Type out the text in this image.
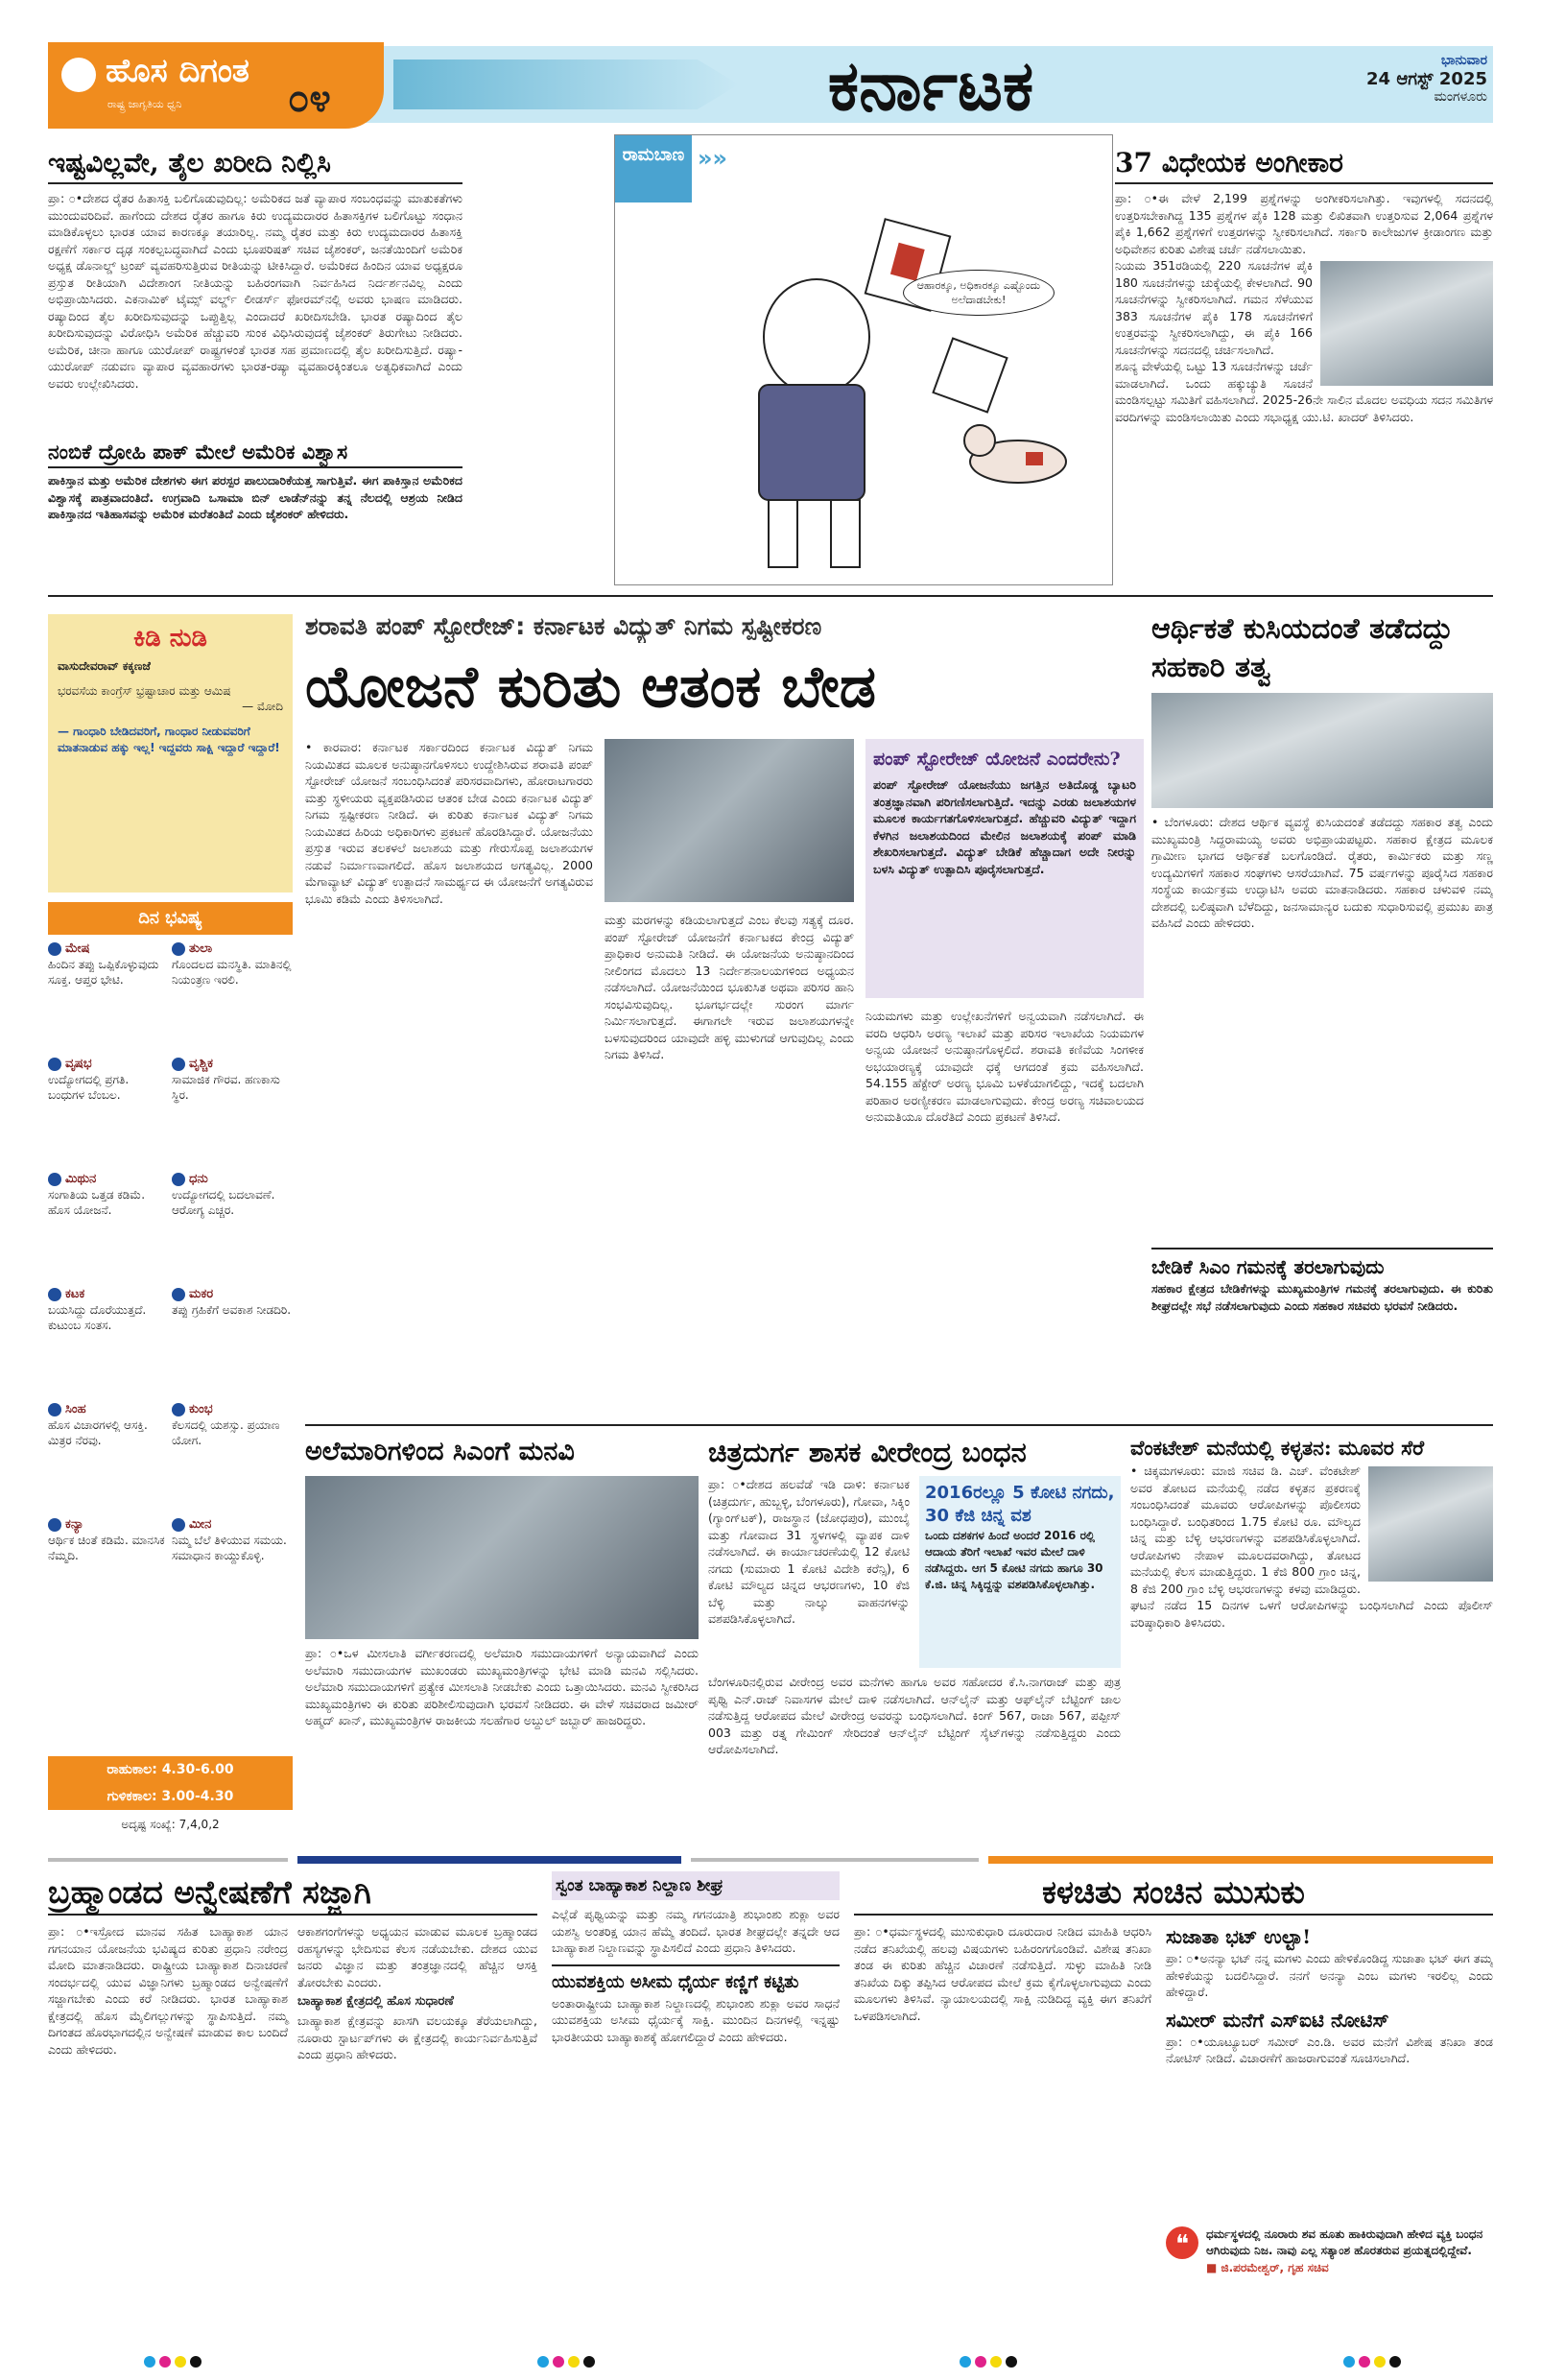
ಹೊಸ ದಿಗಂತ
ರಾಷ್ಟ್ರ ಜಾಗೃತಿಯ ಧ್ವನಿ	೦೪	ಕರ್ನಾಟಕ	ಭಾನುವಾರ
24 ಆಗಸ್ಟ್ 2025
ಮಂಗಳೂರು
ಇಷ್ಟವಿಲ್ಲವೇ, ತೈಲ ಖರೀದಿ ನಿಲ್ಲಿಸಿ
ಪ್ರಾ: ೦•ದೇಶದ ರೈತರ ಹಿತಾಸಕ್ತಿ ಬಲಿಗೊಡುವುದಿಲ್ಲ: ಅಮೆರಿಕದ ಜತೆ ವ್ಯಾಪಾರ ಸಂಬಂಧವನ್ನು ಮಾತುಕತೆಗಳು ಮುಂದುವರಿದಿವೆ. ಹಾಗೆಂದು ದೇಶದ ರೈತರ ಹಾಗೂ ಕಿರು ಉದ್ಯಮದಾರರ ಹಿತಾಸಕ್ತಿಗಳ ಬಲಿಗೊಟ್ಟು ಸಂಧಾನ ಮಾಡಿಕೊಳ್ಳಲು ಭಾರತ ಯಾವ ಕಾರಣಕ್ಕೂ ತಯಾರಿಲ್ಲ. ನಮ್ಮ ರೈತರ ಮತ್ತು ಕಿರು ಉದ್ಯಮದಾರರ ಹಿತಾಸಕ್ತಿ ರಕ್ಷಣೆಗೆ ಸರ್ಕಾರ ದೃಢ ಸಂಕಲ್ಪಬದ್ಧವಾಗಿದೆ ಎಂದು ಭೂಪರಿಷತ್ ಸಚಿವ ಜೈಶಂಕರ್, ಜನತೆಯಿಂದಿಗೆ ಅಮೆರಿಕ ಅಧ್ಯಕ್ಷ ಡೊನಾಲ್ಡ್ ಟ್ರಂಪ್ ವ್ಯವಹರಿಸುತ್ತಿರುವ ರೀತಿಯನ್ನು ಟೀಕಿಸಿದ್ದಾರೆ. ಅಮೆರಿಕದ ಹಿಂದಿನ ಯಾವ ಅಧ್ಯಕ್ಷರೂ ಪ್ರಸ್ತುತ ರೀತಿಯಾಗಿ ವಿದೇಶಾಂಗ ನೀತಿಯನ್ನು ಬಹಿರಂಗವಾಗಿ ನಿರ್ವಹಿಸಿದ ನಿರ್ದರ್ಶನವಿಲ್ಲ ಎಂದು ಅಭಿಪ್ರಾಯಿಸಿದರು. ಎಕನಾಮಿಕ್ ಟೈಮ್ಸ್ ವರ್ಲ್ಡ್ ಲೀಡರ್ಸ್ ಫೋರಮ್‌ನಲ್ಲಿ ಅವರು ಭಾಷಣ ಮಾಡಿದರು. ರಷ್ಯಾದಿಂದ ತೈಲ ಖರೀದಿಸುವುದನ್ನು ಒಪ್ಪುತ್ತಿಲ್ಲ ಎಂದಾದರೆ ಖರೀದಿಸಬೇಡಿ. ಭಾರತ ರಷ್ಯಾದಿಂದ ತೈಲ ಖರೀದಿಸುವುದನ್ನು ವಿರೋಧಿಸಿ ಅಮೆರಿಕ ಹೆಚ್ಚುವರಿ ಸುಂಕ ವಿಧಿಸಿರುವುದಕ್ಕೆ ಜೈಶಂಕರ್ ತಿರುಗೇಟು ನೀಡಿದರು. ಅಮೆರಿಕ, ಚೀನಾ ಹಾಗೂ ಯುರೋಪ್ ರಾಷ್ಟ್ರಗಳಂತೆ ಭಾರತ ಸಹ ಪ್ರಮಾಣದಲ್ಲಿ ತೈಲ ಖರೀದಿಸುತ್ತಿದೆ. ರಷ್ಯಾ-ಯುರೋಪ್ ನಡುವಣ ವ್ಯಾಪಾರ ವ್ಯವಹಾರಗಳು ಭಾರತ-ರಷ್ಯಾ ವ್ಯವಹಾರಕ್ಕಿಂತಲೂ ಅತ್ಯಧಿಕವಾಗಿದೆ ಎಂದು ಅವರು ಉಲ್ಲೇಖಿಸಿದರು.
ನಂಬಿಕೆ ದ್ರೋಹಿ ಪಾಕ್ ಮೇಲೆ ಅಮೆರಿಕ ವಿಶ್ವಾಸ
ಪಾಕಿಸ್ತಾನ ಮತ್ತು ಅಮೆರಿಕ ದೇಶಗಳು ಈಗ ಪರಸ್ಪರ ಪಾಲುದಾರಿಕೆಯತ್ತ ಸಾಗುತ್ತಿವೆ. ಈಗ ಪಾಕಿಸ್ತಾನ ಅಮೆರಿಕದ ವಿಶ್ವಾಸಕ್ಕೆ ಪಾತ್ರವಾದಂತಿದೆ. ಉಗ್ರವಾದಿ ಒಸಾಮಾ ಬಿನ್ ಲಾಡೆನ್‌ನನ್ನು ತನ್ನ ನೆಲದಲ್ಲಿ ಆಶ್ರಯ ನೀಡಿದ ಪಾಕಿಸ್ತಾನದ ಇತಿಹಾಸವನ್ನು ಅಮೆರಿಕ ಮರೆತಂತಿದೆ ಎಂದು ಜೈಶಂಕರ್ ಹೇಳಿದರು.
ರಾಮಬಾಣ »»
ಆಹಾರಕ್ಕೂ, ಅಧಿಕಾರಕ್ಕೂ ಎಷ್ಟೊಂದು ಅಲೆದಾಡಬೇಕು!
37 ವಿಧೇಯಕ ಅಂಗೀಕಾರ
ಪ್ರಾ: ೦•ಈ ವೇಳೆ 2,199 ಪ್ರಶ್ನೆಗಳನ್ನು ಅಂಗೀಕರಿಸಲಾಗಿತ್ತು. ಇವುಗಳಲ್ಲಿ ಸದನದಲ್ಲಿ ಉತ್ತರಿಸಬೇಕಾಗಿದ್ದ 135 ಪ್ರಶ್ನೆಗಳ ಪೈಕಿ 128 ಮತ್ತು ಲಿಖಿತವಾಗಿ ಉತ್ತರಿಸುವ 2,064 ಪ್ರಶ್ನೆಗಳ ಪೈಕಿ 1,662 ಪ್ರಶ್ನೆಗಳಿಗೆ ಉತ್ತರಗಳನ್ನು ಸ್ವೀಕರಿಸಲಾಗಿದೆ. ಸರ್ಕಾರಿ ಕಾಲೇಜುಗಳ ಕ್ರೀಡಾಂಗಣ ಮತ್ತು ಅಧಿವೇಶನ ಕುರಿತು ವಿಶೇಷ ಚರ್ಚೆ ನಡೆಸಲಾಯಿತು.
ನಿಯಮ 351ರಡಿಯಲ್ಲಿ 220 ಸೂಚನೆಗಳ ಪೈಕಿ 180 ಸೂಚನೆಗಳನ್ನು ಚುಕ್ಕೆಯಲ್ಲಿ ಕೇಳಲಾಗಿದೆ. 90 ಸೂಚನೆಗಳನ್ನು ಸ್ವೀಕರಿಸಲಾಗಿದೆ. ಗಮನ ಸೆಳೆಯುವ 383 ಸೂಚನೆಗಳ ಪೈಕಿ 178 ಸೂಚನೆಗಳಿಗೆ ಉತ್ತರವನ್ನು ಸ್ವೀಕರಿಸಲಾಗಿದ್ದು, ಈ ಪೈಕಿ 166 ಸೂಚನೆಗಳನ್ನು ಸದನದಲ್ಲಿ ಚರ್ಚಿಸಲಾಗಿದೆ.
ಶೂನ್ಯ ವೇಳೆಯಲ್ಲಿ ಒಟ್ಟು 13 ಸೂಚನೆಗಳನ್ನು ಚರ್ಚೆ ಮಾಡಲಾಗಿದೆ. ಒಂದು ಹಕ್ಕುಚ್ಯುತಿ ಸೂಚನೆ ಮಂಡಿಸಲ್ಪಟ್ಟು ಸಮಿತಿಗೆ ವಹಿಸಲಾಗಿದೆ. 2025-26ನೇ ಸಾಲಿನ ಮೊದಲ ಅವಧಿಯ ಸದನ ಸಮಿತಿಗಳ ವರದಿಗಳನ್ನು ಮಂಡಿಸಲಾಯಿತು ಎಂದು ಸಭಾಧ್ಯಕ್ಷ ಯು.ಟಿ. ಖಾದರ್ ತಿಳಿಸಿದರು.
ಕಿಡಿ ನುಡಿ
ವಾಸುದೇವರಾವ್ ಕಕ್ಕಣಜೆ
ಭರವಸೆಯ ಕಾಂಗ್ರೆಸ್ ಭ್ರಷ್ಟಾಚಾರ ಮತ್ತು ಆಮಿಷ
— ಮೋದಿ
— ಗಾಂಧಾರಿ ಬೇಡಿದವರಿಗೆ, ಗಾಂಧಾರ ನೀಡುವವರಿಗೆ ಮಾತನಾಡುವ ಹಕ್ಕು ಇಲ್ಲ! ಇದ್ದವರು ಸಾಕ್ಷಿ ಇದ್ದಾರೆ ಇದ್ದಾರೆ!
ದಿನ ಭವಿಷ್ಯ
ಮೇಷ
ಹಿಂದಿನ ತಪ್ಪು ಒಪ್ಪಿಕೊಳ್ಳುವುದು ಸೂಕ್ತ. ಆಪ್ತರ ಭೇಟಿ.
ತುಲಾ
ಗೊಂದಲದ ಮನಸ್ಥಿತಿ. ಮಾತಿನಲ್ಲಿ ನಿಯಂತ್ರಣ ಇರಲಿ.
ವೃಷಭ
ಉದ್ಯೋಗದಲ್ಲಿ ಪ್ರಗತಿ. ಬಂಧುಗಳ ಬೆಂಬಲ.
ವೃಶ್ಚಿಕ
ಸಾಮಾಜಿಕ ಗೌರವ. ಹಣಕಾಸು ಸ್ಥಿರ.
ಮಿಥುನ
ಸಂಗಾತಿಯ ಒತ್ತಡ ಕಡಿಮೆ. ಹೊಸ ಯೋಜನೆ.
ಧನು
ಉದ್ಯೋಗದಲ್ಲಿ ಬದಲಾವಣೆ. ಆರೋಗ್ಯ ಎಚ್ಚರ.
ಕಟಕ
ಬಯಸಿದ್ದು ದೊರೆಯುತ್ತದೆ. ಕುಟುಂಬ ಸಂತಸ.
ಮಕರ
ತಪ್ಪು ಗ್ರಹಿಕೆಗೆ ಅವಕಾಶ ನೀಡದಿರಿ.
ಸಿಂಹ
ಹೊಸ ವಿಚಾರಗಳಲ್ಲಿ ಆಸಕ್ತಿ. ಮಿತ್ರರ ನೆರವು.
ಕುಂಭ
ಕೆಲಸದಲ್ಲಿ ಯಶಸ್ಸು. ಪ್ರಯಾಣ ಯೋಗ.
ಕನ್ಯಾ
ಆರ್ಥಿಕ ಚಿಂತೆ ಕಡಿಮೆ. ಮಾನಸಿಕ ನೆಮ್ಮದಿ.
ಮೀನ
ನಿಮ್ಮ ಬೆಲೆ ತಿಳಿಯುವ ಸಮಯ. ಸಮಾಧಾನ ಕಾಯ್ದುಕೊಳ್ಳಿ.
ರಾಹುಕಾಲ: 4.30-6.00
ಗುಳಿಕಕಾಲ: 3.00-4.30
ಅದೃಷ್ಟ ಸಂಖ್ಯೆ: 7,4,0,2
ಶರಾವತಿ ಪಂಪ್ ಸ್ಟೋರೇಜ್: ಕರ್ನಾಟಕ ವಿದ್ಯುತ್ ನಿಗಮ ಸ್ಪಷ್ಟೀಕರಣ
ಯೋಜನೆ ಕುರಿತು ಆತಂಕ ಬೇಡ
• ಕಾರವಾರ: ಕರ್ನಾಟಕ ಸರ್ಕಾರದಿಂದ ಕರ್ನಾಟಕ ವಿದ್ಯುತ್ ನಿಗಮ ನಿಯಮಿತದ ಮೂಲಕ ಅನುಷ್ಠಾನಗೊಳಿಸಲು ಉದ್ದೇಶಿಸಿರುವ ಶರಾವತಿ ಪಂಪ್ ಸ್ಟೋರೇಜ್ ಯೋಜನೆ ಸಂಬಂಧಿಸಿದಂತೆ ಪರಿಸರವಾದಿಗಳು, ಹೋರಾಟಗಾರರು ಮತ್ತು ಸ್ಥಳೀಯರು ವ್ಯಕ್ತಪಡಿಸಿರುವ ಆತಂಕ ಬೇಡ ಎಂದು ಕರ್ನಾಟಕ ವಿದ್ಯುತ್ ನಿಗಮ ಸ್ಪಷ್ಟೀಕರಣ ನೀಡಿದೆ. ಈ ಕುರಿತು ಕರ್ನಾಟಕ ವಿದ್ಯುತ್ ನಿಗಮ ನಿಯಮಿತದ ಹಿರಿಯ ಅಧಿಕಾರಿಗಳು ಪ್ರಕಟಣೆ ಹೊರಡಿಸಿದ್ದಾರೆ. ಯೋಜನೆಯು ಪ್ರಸ್ತುತ ಇರುವ ತಲಕಳಲೆ ಜಲಾಶಯ ಮತ್ತು ಗೇರುಸೊಪ್ಪ ಜಲಾಶಯಗಳ ನಡುವೆ ನಿರ್ಮಾಣವಾಗಲಿದೆ. ಹೊಸ ಜಲಾಶಯದ ಅಗತ್ಯವಿಲ್ಲ. 2000 ಮೆಗಾವ್ಯಾಟ್ ವಿದ್ಯುತ್ ಉತ್ಪಾದನೆ ಸಾಮರ್ಥ್ಯದ ಈ ಯೋಜನೆಗೆ ಅಗತ್ಯವಿರುವ ಭೂಮಿ ಕಡಿಮೆ ಎಂದು ತಿಳಿಸಲಾಗಿದೆ.
ಮತ್ತು ಮರಗಳನ್ನು ಕಡಿಯಲಾಗುತ್ತದೆ ಎಂಬ ಕೆಲವು ಸತ್ಯಕ್ಕೆ ದೂರ. ಪಂಪ್ ಸ್ಟೋರೇಜ್ ಯೋಜನೆಗೆ ಕರ್ನಾಟಕದ ಕೇಂದ್ರ ವಿದ್ಯುತ್ ಪ್ರಾಧಿಕಾರ ಅನುಮತಿ ನೀಡಿದೆ. ಈ ಯೋಜನೆಯ ಅನುಷ್ಠಾನದಿಂದ ನೀಲಿಂಗದ ಮೊದಲು 13 ನಿರ್ದೇಶನಾಲಯಗಳಿಂದ ಅಧ್ಯಯನ ನಡೆಸಲಾಗಿದೆ. ಯೋಜನೆಯಿಂದ ಭೂಕುಸಿತ ಅಥವಾ ಪರಿಸರ ಹಾನಿ ಸಂಭವಿಸುವುದಿಲ್ಲ. ಭೂಗರ್ಭದಲ್ಲೇ ಸುರಂಗ ಮಾರ್ಗ ನಿರ್ಮಿಸಲಾಗುತ್ತದೆ. ಈಗಾಗಲೇ ಇರುವ ಜಲಾಶಯಗಳನ್ನೇ ಬಳಸುವುದರಿಂದ ಯಾವುದೇ ಹಳ್ಳಿ ಮುಳುಗಡೆ ಆಗುವುದಿಲ್ಲ ಎಂದು ನಿಗಮ ತಿಳಿಸಿದೆ.
ಪಂಪ್ ಸ್ಟೋರೇಜ್ ಯೋಜನೆ ಎಂದರೇನು?
ಪಂಪ್ ಸ್ಟೋರೇಜ್ ಯೋಜನೆಯು ಜಗತ್ತಿನ ಅತಿದೊಡ್ಡ ಬ್ಯಾಟರಿ ತಂತ್ರಜ್ಞಾನವಾಗಿ ಪರಿಗಣಿಸಲಾಗುತ್ತಿದೆ. ಇದನ್ನು ಎರಡು ಜಲಾಶಯಗಳ ಮೂಲಕ ಕಾರ್ಯಗತಗೊಳಿಸಲಾಗುತ್ತದೆ. ಹೆಚ್ಚುವರಿ ವಿದ್ಯುತ್ ಇದ್ದಾಗ ಕೆಳಗಿನ ಜಲಾಶಯದಿಂದ ಮೇಲಿನ ಜಲಾಶಯಕ್ಕೆ ಪಂಪ್ ಮಾಡಿ ಶೇಖರಿಸಲಾಗುತ್ತದೆ. ವಿದ್ಯುತ್ ಬೇಡಿಕೆ ಹೆಚ್ಚಾದಾಗ ಅದೇ ನೀರನ್ನು ಬಳಸಿ ವಿದ್ಯುತ್ ಉತ್ಪಾದಿಸಿ ಪೂರೈಸಲಾಗುತ್ತದೆ.
ನಿಯಮಗಳು ಮತ್ತು ಉಲ್ಲೇಖನೆಗಳಿಗೆ ಅನ್ವಯವಾಗಿ ನಡೆಸಲಾಗಿದೆ. ಈ ವರದಿ ಆಧರಿಸಿ ಅರಣ್ಯ ಇಲಾಖೆ ಮತ್ತು ಪರಿಸರ ಇಲಾಖೆಯ ನಿಯಮಗಳ ಅನ್ವಯ ಯೋಜನೆ ಅನುಷ್ಠಾನಗೊಳ್ಳಲಿದೆ. ಶರಾವತಿ ಕಣಿವೆಯ ಸಿಂಗಳೀಕ ಅಭಯಾರಣ್ಯಕ್ಕೆ ಯಾವುದೇ ಧಕ್ಕೆ ಆಗದಂತೆ ಕ್ರಮ ವಹಿಸಲಾಗಿದೆ. 54.155 ಹೆಕ್ಟೇರ್ ಅರಣ್ಯ ಭೂಮಿ ಬಳಕೆಯಾಗಲಿದ್ದು, ಇದಕ್ಕೆ ಬದಲಾಗಿ ಪರಿಹಾರ ಅರಣ್ಯೀಕರಣ ಮಾಡಲಾಗುವುದು. ಕೇಂದ್ರ ಅರಣ್ಯ ಸಚಿವಾಲಯದ ಅನುಮತಿಯೂ ದೊರೆತಿದೆ ಎಂದು ಪ್ರಕಟಣೆ ತಿಳಿಸಿದೆ.
ಆರ್ಥಿಕತೆ ಕುಸಿಯದಂತೆ ತಡೆದದ್ದು ಸಹಕಾರಿ ತತ್ವ
• ಬೆಂಗಳೂರು: ದೇಶದ ಆರ್ಥಿಕ ವ್ಯವಸ್ಥೆ ಕುಸಿಯದಂತೆ ತಡೆದದ್ದು ಸಹಕಾರ ತತ್ವ ಎಂದು ಮುಖ್ಯಮಂತ್ರಿ ಸಿದ್ದರಾಮಯ್ಯ ಅವರು ಅಭಿಪ್ರಾಯಪಟ್ಟರು. ಸಹಕಾರ ಕ್ಷೇತ್ರದ ಮೂಲಕ ಗ್ರಾಮೀಣ ಭಾಗದ ಆರ್ಥಿಕತೆ ಬಲಗೊಂಡಿದೆ. ರೈತರು, ಕಾರ್ಮಿಕರು ಮತ್ತು ಸಣ್ಣ ಉದ್ಯಮಿಗಳಿಗೆ ಸಹಕಾರ ಸಂಘಗಳು ಆಸರೆಯಾಗಿವೆ. 75 ವರ್ಷಗಳನ್ನು ಪೂರೈಸಿದ ಸಹಕಾರ ಸಂಸ್ಥೆಯ ಕಾರ್ಯಕ್ರಮ ಉದ್ಘಾಟಿಸಿ ಅವರು ಮಾತನಾಡಿದರು. ಸಹಕಾರ ಚಳುವಳಿ ನಮ್ಮ ದೇಶದಲ್ಲಿ ಬಲಿಷ್ಠವಾಗಿ ಬೆಳೆದಿದ್ದು, ಜನಸಾಮಾನ್ಯರ ಬದುಕು ಸುಧಾರಿಸುವಲ್ಲಿ ಪ್ರಮುಖ ಪಾತ್ರ ವಹಿಸಿದೆ ಎಂದು ಹೇಳಿದರು.
ಬೇಡಿಕೆ ಸಿಎಂ ಗಮನಕ್ಕೆ ತರಲಾಗುವುದು
ಸಹಕಾರ ಕ್ಷೇತ್ರದ ಬೇಡಿಕೆಗಳನ್ನು ಮುಖ್ಯಮಂತ್ರಿಗಳ ಗಮನಕ್ಕೆ ತರಲಾಗುವುದು. ಈ ಕುರಿತು ಶೀಘ್ರದಲ್ಲೇ ಸಭೆ ನಡೆಸಲಾಗುವುದು ಎಂದು ಸಹಕಾರ ಸಚಿವರು ಭರವಸೆ ನೀಡಿದರು.
ಅಲೆಮಾರಿಗಳಿಂದ ಸಿಎಂಗೆ ಮನವಿ
ಪ್ರಾ: ೦•ಒಳ ಮೀಸಲಾತಿ ವರ್ಗೀಕರಣದಲ್ಲಿ ಅಲೆಮಾರಿ ಸಮುದಾಯಗಳಿಗೆ ಅನ್ಯಾಯವಾಗಿದೆ ಎಂದು ಅಲೆಮಾರಿ ಸಮುದಾಯಗಳ ಮುಖಂಡರು ಮುಖ್ಯಮಂತ್ರಿಗಳನ್ನು ಭೇಟಿ ಮಾಡಿ ಮನವಿ ಸಲ್ಲಿಸಿದರು. ಅಲೆಮಾರಿ ಸಮುದಾಯಗಳಿಗೆ ಪ್ರತ್ಯೇಕ ಮೀಸಲಾತಿ ನೀಡಬೇಕು ಎಂದು ಒತ್ತಾಯಿಸಿದರು. ಮನವಿ ಸ್ವೀಕರಿಸಿದ ಮುಖ್ಯಮಂತ್ರಿಗಳು ಈ ಕುರಿತು ಪರಿಶೀಲಿಸುವುದಾಗಿ ಭರವಸೆ ನೀಡಿದರು. ಈ ವೇಳೆ ಸಚಿವರಾದ ಜಮೀರ್ ಅಹ್ಮದ್ ಖಾನ್, ಮುಖ್ಯಮಂತ್ರಿಗಳ ರಾಜಕೀಯ ಸಲಹೆಗಾರ ಅಬ್ದುಲ್ ಜಬ್ಬಾರ್ ಹಾಜರಿದ್ದರು.
ಚಿತ್ರದುರ್ಗ ಶಾಸಕ ವೀರೇಂದ್ರ ಬಂಧನ
ಪ್ರಾ: ೦•ದೇಶದ ಹಲವೆಡೆ ಇಡಿ ದಾಳಿ: ಕರ್ನಾಟಕ (ಚಿತ್ರದುರ್ಗ, ಹುಬ್ಬಳ್ಳಿ, ಬೆಂಗಳೂರು), ಗೋವಾ, ಸಿಕ್ಕಿಂ (ಗ್ಯಾಂಗ್‌ಟಕ್), ರಾಜಸ್ಥಾನ (ಜೋಧಪುರ), ಮುಂಬೈ ಮತ್ತು ಗೋವಾದ 31 ಸ್ಥಳಗಳಲ್ಲಿ ವ್ಯಾಪಕ ದಾಳಿ ನಡೆಸಲಾಗಿದೆ. ಈ ಕಾರ್ಯಾಚರಣೆಯಲ್ಲಿ 12 ಕೋಟಿ ನಗದು (ಸುಮಾರು 1 ಕೋಟಿ ವಿದೇಶಿ ಕರೆನ್ಸಿ), 6 ಕೋಟಿ ಮೌಲ್ಯದ ಚಿನ್ನದ ಆಭರಣಗಳು, 10 ಕೆಜಿ ಬೆಳ್ಳಿ ಮತ್ತು ನಾಲ್ಕು ವಾಹನಗಳನ್ನು ವಶಪಡಿಸಿಕೊಳ್ಳಲಾಗಿದೆ.
2016ರಲ್ಲೂ 5 ಕೋಟಿ ನಗದು, 30 ಕೆಜಿ ಚಿನ್ನ ವಶ
ಒಂದು ದಶಕಗಳ ಹಿಂದೆ ಅಂದರೆ 2016 ರಲ್ಲಿ ಆದಾಯ ತೆರಿಗೆ ಇಲಾಖೆ ಇವರ ಮೇಲೆ ದಾಳಿ ನಡೆಸಿದ್ದರು. ಆಗ 5 ಕೋಟಿ ನಗದು ಹಾಗೂ 30 ಕೆ.ಜಿ. ಚಿನ್ನ ಸಿಕ್ಕಿದ್ದನ್ನು ವಶಪಡಿಸಿಕೊಳ್ಳಲಾಗಿತ್ತು.
ಬೆಂಗಳೂರಿನಲ್ಲಿರುವ ವೀರೇಂದ್ರ ಅವರ ಮನೆಗಳು ಹಾಗೂ ಅವರ ಸಹೋದರ ಕೆ.ಸಿ.ನಾಗರಾಜ್ ಮತ್ತು ಪುತ್ರ ಪೃಥ್ವಿ ಎನ್.ರಾಜ್ ನಿವಾಸಗಳ ಮೇಲೆ ದಾಳಿ ನಡೆಸಲಾಗಿದೆ. ಆನ್‌ಲೈನ್ ಮತ್ತು ಆಫ್‌ಲೈನ್ ಬೆಟ್ಟಿಂಗ್ ಜಾಲ ನಡೆಸುತ್ತಿದ್ದ ಆರೋಪದ ಮೇಲೆ ವೀರೇಂದ್ರ ಅವರನ್ನು ಬಂಧಿಸಲಾಗಿದೆ. ಕಿಂಗ್ 567, ರಾಜಾ 567, ಪಪ್ಪೀಸ್ 003 ಮತ್ತು ರತ್ನ ಗೇಮಿಂಗ್ ಸೇರಿದಂತೆ ಆನ್‌ಲೈನ್ ಬೆಟ್ಟಿಂಗ್ ಸೈಟ್‌ಗಳನ್ನು ನಡೆಸುತ್ತಿದ್ದರು ಎಂದು ಆರೋಪಿಸಲಾಗಿದೆ.
ವೆಂಕಟೇಶ್ ಮನೆಯಲ್ಲಿ ಕಳ್ಳತನ: ಮೂವರ ಸೆರೆ
• ಚಿಕ್ಕಮಗಳೂರು: ಮಾಜಿ ಸಚಿವ ಡಿ. ಎಚ್. ವೆಂಕಟೇಶ್ ಅವರ ತೋಟದ ಮನೆಯಲ್ಲಿ ನಡೆದ ಕಳ್ಳತನ ಪ್ರಕರಣಕ್ಕೆ ಸಂಬಂಧಿಸಿದಂತೆ ಮೂವರು ಆರೋಪಿಗಳನ್ನು ಪೊಲೀಸರು ಬಂಧಿಸಿದ್ದಾರೆ. ಬಂಧಿತರಿಂದ 1.75 ಕೋಟಿ ರೂ. ಮೌಲ್ಯದ ಚಿನ್ನ ಮತ್ತು ಬೆಳ್ಳಿ ಆಭರಣಗಳನ್ನು ವಶಪಡಿಸಿಕೊಳ್ಳಲಾಗಿದೆ. ಆರೋಪಿಗಳು ನೇಪಾಳ ಮೂಲದವರಾಗಿದ್ದು, ತೋಟದ ಮನೆಯಲ್ಲಿ ಕೆಲಸ ಮಾಡುತ್ತಿದ್ದರು. 1 ಕೆಜಿ 800 ಗ್ರಾಂ ಚಿನ್ನ, 8 ಕೆಜಿ 200 ಗ್ರಾಂ ಬೆಳ್ಳಿ ಆಭರಣಗಳನ್ನು ಕಳವು ಮಾಡಿದ್ದರು. ಘಟನೆ ನಡೆದ 15 ದಿನಗಳ ಒಳಗೆ ಆರೋಪಿಗಳನ್ನು ಬಂಧಿಸಲಾಗಿದೆ ಎಂದು ಪೊಲೀಸ್ ವರಿಷ್ಠಾಧಿಕಾರಿ ತಿಳಿಸಿದರು.
ಬ್ರಹ್ಮಾಂಡದ ಅನ್ವೇಷಣೆಗೆ ಸಜ್ಜಾಗಿ
ಪ್ರಾ: ೦•ಇಸ್ರೋದ ಮಾನವ ಸಹಿತ ಬಾಹ್ಯಾಕಾಶ ಯಾನ ಗಗನಯಾನ ಯೋಜನೆಯ ಭವಿಷ್ಯದ ಕುರಿತು ಪ್ರಧಾನಿ ನರೇಂದ್ರ ಮೋದಿ ಮಾತನಾಡಿದರು. ರಾಷ್ಟ್ರೀಯ ಬಾಹ್ಯಾಕಾಶ ದಿನಾಚರಣೆ ಸಂದರ್ಭದಲ್ಲಿ ಯುವ ವಿಜ್ಞಾನಿಗಳು ಬ್ರಹ್ಮಾಂಡದ ಅನ್ವೇಷಣೆಗೆ ಸಜ್ಜಾಗಬೇಕು ಎಂದು ಕರೆ ನೀಡಿದರು. ಭಾರತ ಬಾಹ್ಯಾಕಾಶ ಕ್ಷೇತ್ರದಲ್ಲಿ ಹೊಸ ಮೈಲಿಗಲ್ಲುಗಳನ್ನು ಸ್ಥಾಪಿಸುತ್ತಿದೆ. ನಮ್ಮ ದಿಗಂತದ ಹೊರಭಾಗದಲ್ಲಿನ ಅನ್ವೇಷಣೆ ಮಾಡುವ ಕಾಲ ಬಂದಿದೆ ಎಂದು ಹೇಳಿದರು.
ಆಕಾಶಗಂಗೆಗಳನ್ನು ಅಧ್ಯಯನ ಮಾಡುವ ಮೂಲಕ ಬ್ರಹ್ಮಾಂಡದ ರಹಸ್ಯಗಳನ್ನು ಭೇದಿಸುವ ಕೆಲಸ ನಡೆಯಬೇಕು. ದೇಶದ ಯುವ ಜನರು ವಿಜ್ಞಾನ ಮತ್ತು ತಂತ್ರಜ್ಞಾನದಲ್ಲಿ ಹೆಚ್ಚಿನ ಆಸಕ್ತಿ ತೋರಬೇಕು ಎಂದರು.
ಬಾಹ್ಯಾಕಾಶ ಕ್ಷೇತ್ರದಲ್ಲಿ ಹೊಸ ಸುಧಾರಣೆ
ಬಾಹ್ಯಾಕಾಶ ಕ್ಷೇತ್ರವನ್ನು ಖಾಸಗಿ ವಲಯಕ್ಕೂ ತೆರೆಯಲಾಗಿದ್ದು, ನೂರಾರು ಸ್ಟಾರ್ಟಪ್‌ಗಳು ಈ ಕ್ಷೇತ್ರದಲ್ಲಿ ಕಾರ್ಯನಿರ್ವಹಿಸುತ್ತಿವೆ ಎಂದು ಪ್ರಧಾನಿ ಹೇಳಿದರು.
ಸ್ವಂತ ಬಾಹ್ಯಾಕಾಶ ನಿಲ್ದಾಣ ಶೀಘ್ರ
ಎಲ್ಲೆಡೆ ಪೃಥ್ವಿಯನ್ನು ಮತ್ತು ನಮ್ಮ ಗಗನಯಾತ್ರಿ ಶುಭಾಂಶು ಶುಕ್ಲಾ ಅವರ ಯಶಸ್ವಿ ಅಂತರಿಕ್ಷ ಯಾನ ಹೆಮ್ಮೆ ತಂದಿದೆ. ಭಾರತ ಶೀಘ್ರದಲ್ಲೇ ತನ್ನದೇ ಆದ ಬಾಹ್ಯಾಕಾಶ ನಿಲ್ದಾಣವನ್ನು ಸ್ಥಾಪಿಸಲಿದೆ ಎಂದು ಪ್ರಧಾನಿ ತಿಳಿಸಿದರು.
ಯುವಶಕ್ತಿಯ ಅಸೀಮ ಧೈರ್ಯ ಕಣ್ಣಿಗೆ ಕಟ್ಟಿತು
ಅಂತಾರಾಷ್ಟ್ರೀಯ ಬಾಹ್ಯಾಕಾಶ ನಿಲ್ದಾಣದಲ್ಲಿ ಶುಭಾಂಶು ಶುಕ್ಲಾ ಅವರ ಸಾಧನೆ ಯುವಶಕ್ತಿಯ ಅಸೀಮ ಧೈರ್ಯಕ್ಕೆ ಸಾಕ್ಷಿ. ಮುಂದಿನ ದಿನಗಳಲ್ಲಿ ಇನ್ನಷ್ಟು ಭಾರತೀಯರು ಬಾಹ್ಯಾಕಾಶಕ್ಕೆ ಹೋಗಲಿದ್ದಾರೆ ಎಂದು ಹೇಳಿದರು.
ಕಳಚಿತು ಸಂಚಿನ ಮುಸುಕು
ಪ್ರಾ: ೦•ಧರ್ಮಸ್ಥಳದಲ್ಲಿ ಮುಸುಕುಧಾರಿ ದೂರುದಾರ ನೀಡಿದ ಮಾಹಿತಿ ಆಧರಿಸಿ ನಡೆದ ತನಿಖೆಯಲ್ಲಿ ಹಲವು ವಿಷಯಗಳು ಬಹಿರಂಗಗೊಂಡಿವೆ. ವಿಶೇಷ ತನಿಖಾ ತಂಡ ಈ ಕುರಿತು ಹೆಚ್ಚಿನ ವಿಚಾರಣೆ ನಡೆಸುತ್ತಿದೆ. ಸುಳ್ಳು ಮಾಹಿತಿ ನೀಡಿ ತನಿಖೆಯ ದಿಕ್ಕು ತಪ್ಪಿಸಿದ ಆರೋಪದ ಮೇಲೆ ಕ್ರಮ ಕೈಗೊಳ್ಳಲಾಗುವುದು ಎಂದು ಮೂಲಗಳು ತಿಳಿಸಿವೆ. ನ್ಯಾಯಾಲಯದಲ್ಲಿ ಸಾಕ್ಷಿ ನುಡಿದಿದ್ದ ವ್ಯಕ್ತಿ ಈಗ ತನಿಖೆಗೆ ಒಳಪಡಿಸಲಾಗಿದೆ.
ಸುಜಾತಾ ಭಟ್ ಉಲ್ಟಾ!
ಪ್ರಾ: ೦•ಅನನ್ಯಾ ಭಟ್ ನನ್ನ ಮಗಳು ಎಂದು ಹೇಳಿಕೊಂಡಿದ್ದ ಸುಜಾತಾ ಭಟ್ ಈಗ ತಮ್ಮ ಹೇಳಿಕೆಯನ್ನು ಬದಲಿಸಿದ್ದಾರೆ. ನನಗೆ ಅನನ್ಯಾ ಎಂಬ ಮಗಳು ಇರಲಿಲ್ಲ ಎಂದು ಹೇಳಿದ್ದಾರೆ.
ಸಮೀರ್ ಮನೆಗೆ ಎಸ್‌ಐಟಿ ನೋಟಿಸ್
ಪ್ರಾ: ೦•ಯೂಟ್ಯೂಬರ್ ಸಮೀರ್ ಎಂ.ಡಿ. ಅವರ ಮನೆಗೆ ವಿಶೇಷ ತನಿಖಾ ತಂಡ ನೋಟಿಸ್ ನೀಡಿದೆ. ವಿಚಾರಣೆಗೆ ಹಾಜರಾಗುವಂತೆ ಸೂಚಿಸಲಾಗಿದೆ.
❝	ಧರ್ಮಸ್ಥಳದಲ್ಲಿ ನೂರಾರು ಶವ ಹೂತು ಹಾಕಿರುವುದಾಗಿ ಹೇಳಿದ ವ್ಯಕ್ತಿ ಬಂಧನ ಆಗಿರುವುದು ನಿಜ. ನಾವು ಎಲ್ಲ ಸತ್ಯಾಂಶ ಹೊರತರುವ ಪ್ರಯತ್ನದಲ್ಲಿದ್ದೇವೆ.
■ ಜಿ.ಪರಮೇಶ್ವರ್, ಗೃಹ ಸಚಿವ
